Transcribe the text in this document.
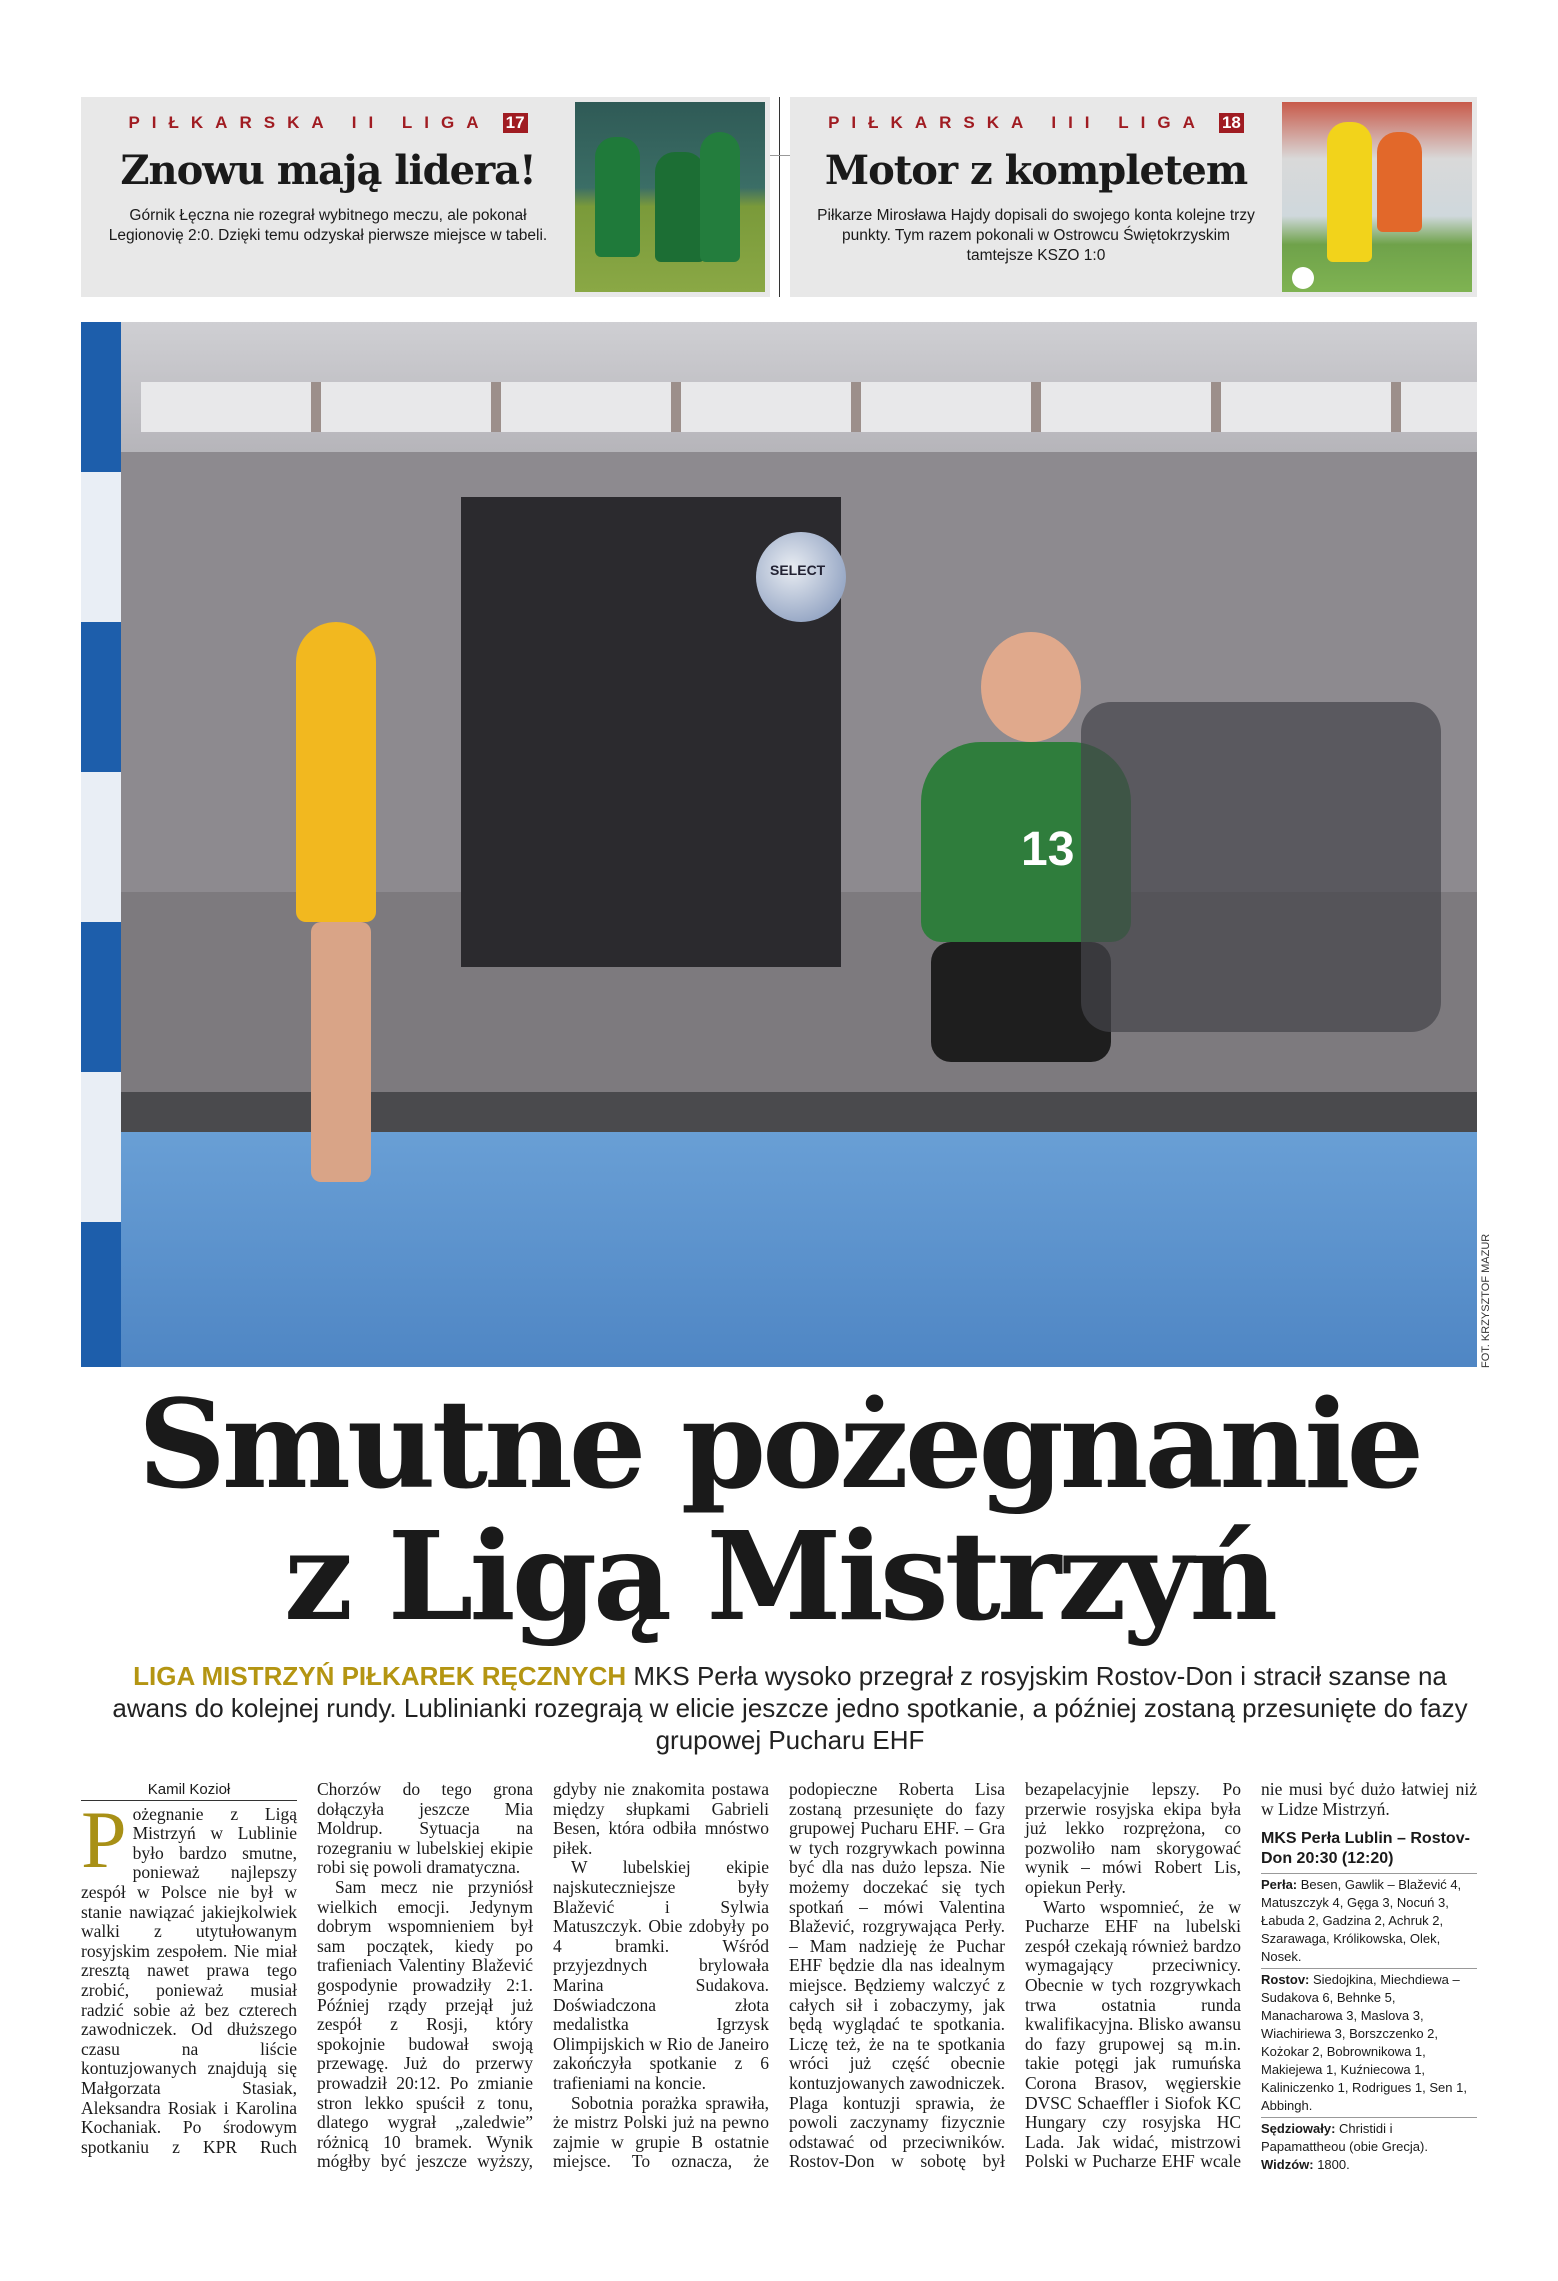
PIŁKARSKA II LIGA 17
Znowu mają lidera!

Górnik Łęczna nie rozegrał wybitnego meczu, ale pokonał Legionovię 2:0. Dzięki temu odzyskał pierwsze miejsce w tabeli.

PIŁKARSKA III LIGA 18
Motor z kompletem

Piłkarze Mirosława Hajdy dopisali do swojego konta kolejne trzy punkty. Tym razem pokonali w Ostrowcu Świętokrzyskim tamtejsze KSZO 1:0

SELECT
13
FOT. KRZYSZTOF MAZUR
Smutne pożegnanie
z Ligą Mistrzyń
LIGA MISTRZYŃ PIŁKAREK RĘCZNYCH MKS Perła wysoko przegrał z rosyjskim Rostov-Don i stracił szanse na awans do kolejnej rundy. Lublinianki rozegrają w elicie jeszcze jedno spotkanie, a później zostaną przesunięte do fazy grupowej Pucharu EHF
Kamil Kozioł

Pożegnanie z Ligą Mistrzyń w Lublinie było bardzo smutne, ponieważ najlepszy zespół w Polsce nie był w stanie nawiązać jakiejkolwiek walki z utytułowanym rosyjskim zespołem. Nie miał zresztą nawet prawa tego zrobić, ponieważ musiał radzić sobie aż bez czterech zawodniczek. Od dłuższego czasu na liście kontuzjowanych znajdują się Małgorzata Stasiak, Aleksandra Rosiak i Karolina Kochaniak. Po środowym spotkaniu z KPR Ruch Chorzów do tego grona dołączyła jeszcze Mia Moldrup. Sytuacja na rozegraniu w lubelskiej ekipie robi się powoli dramatyczna.

Sam mecz nie przyniósł wielkich emocji. Jedynym dobrym wspomnieniem był sam początek, kiedy po trafieniach Valentiny Blažević gospodynie prowadziły 2:1. Później rządy przejął już zespół z Rosji, który spokojnie budował swoją przewagę. Już do przerwy prowadził 20:12. Po zmianie stron lekko spuścił z tonu, dlatego wygrał „zaledwie” różnicą 10 bramek. Wynik mógłby być jeszcze wyższy, gdyby nie znakomita postawa między słupkami Gabrieli Besen, która odbiła mnóstwo piłek.

W lubelskiej ekipie najskuteczniejsze były Blažević i Sylwia Matuszczyk. Obie zdobyły po 4 bramki. Wśród przyjezdnych brylowała Marina Sudakova. Doświadczona złota medalistka Igrzysk Olimpijskich w Rio de Janeiro zakończyła spotkanie z 6 trafieniami na koncie.

Sobotnia porażka sprawiła, że mistrz Polski już na pewno zajmie w grupie B ostatnie miejsce. To oznacza, że podopieczne Roberta Lisa zostaną przesunięte do fazy grupowej Pucharu EHF. – Gra w tych rozgrywkach powinna być dla nas dużo lepsza. Nie możemy doczekać się tych spotkań – mówi Valentina Blažević, rozgrywająca Perły. – Mam nadzieję że Puchar EHF będzie dla nas idealnym miejsce. Będziemy walczyć z całych sił i zobaczymy, jak będą wyglądać te spotkania. Liczę też, że na te spotkania wróci już część obecnie kontuzjowanych zawodniczek. Plaga kontuzji sprawia, że powoli zaczynamy fizycznie odstawać od przeciwników. Rostov-Don w sobotę był bezapelacyjnie lepszy. Po przerwie rosyjska ekipa była już lekko rozprężona, co pozwoliło nam skorygować wynik – mówi Robert Lis, opiekun Perły.

Warto wspomnieć, że w Pucharze EHF na lubelski zespół czekają również bardzo wymagający przeciwnicy. Obecnie w tych rozgrywkach trwa ostatnia runda kwalifikacyjna. Blisko awansu do fazy grupowej są m.in. takie potęgi jak rumuńska Corona Brasov, węgierskie DVSC Schaeffler i Siofok KC Hungary czy rosyjska HC Lada. Jak widać, mistrzowi Polski w Pucharze EHF wcale nie musi być dużo łatwiej niż w Lidze Mistrzyń.

MKS Perła Lublin – Rostov-Don 20:30 (12:20)
Perła: Besen, Gawlik – Blažević 4, Matuszczyk 4, Gęga 3, Nocuń 3, Łabuda 2, Gadzina 2, Achruk 2, Szarawaga, Królikowska, Olek, Nosek.
Rostov: Siedojkina, Miechdiewa – Sudakova 6, Behnke 5, Manacharowa 3, Maslova 3, Wiachiriewa 3, Borszczenko 2, Kożokar 2, Bobrownikowa 1, Makiejewa 1, Kuźniecowa 1, Kaliniczenko 1, Rodrigues 1, Sen 1, Abbingh.
Sędziowały: Christidi i Papamattheou (obie Grecja). Widzów: 1800.
